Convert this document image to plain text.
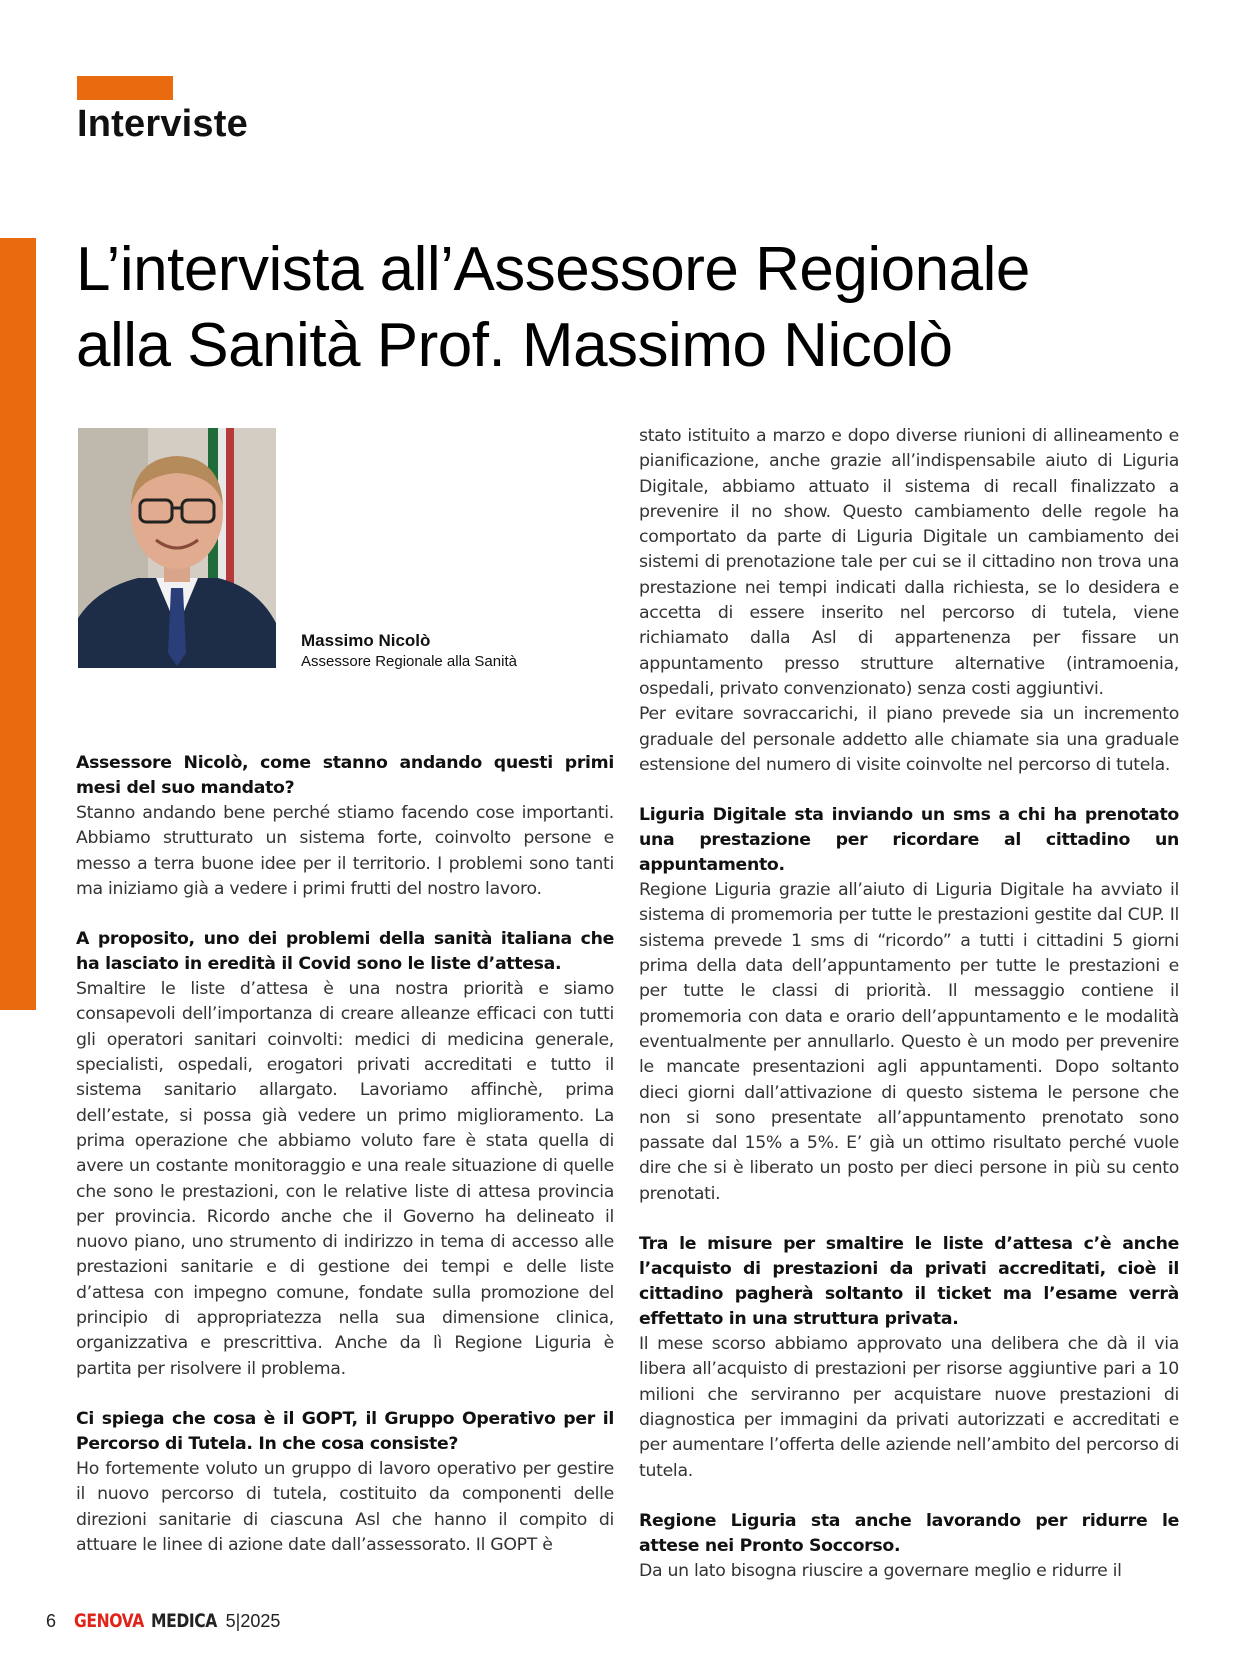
Interviste
L’intervista all’Assessore Regionale
alla Sanità Prof. Massimo Nicolò
Massimo Nicolò
Assessore Regionale alla Sanità

Assessore Nicolò, come stanno andando questi primi mesi del suo mandato?

Stanno andando bene perché stiamo facendo cose importanti. Abbiamo strutturato un sistema forte, coinvolto persone e messo a terra buone idee per il territorio. I problemi sono tanti ma iniziamo già a vedere i primi frutti del nostro lavoro.

A proposito, uno dei problemi della sanità italiana che ha lasciato in eredità il Covid sono le liste d’attesa.

Smaltire le liste d’attesa è una nostra priorità e siamo consapevoli dell’importanza di creare alleanze efficaci con tutti gli operatori sanitari coinvolti: medici di medicina generale, specialisti, ospedali, erogatori privati accreditati e tutto il sistema sanitario allargato. Lavoriamo affinchè, prima dell’estate, si possa già vedere un primo miglioramento. La prima operazione che abbiamo voluto fare è stata quella di avere un costante monitoraggio e una reale situazione di quelle che sono le prestazioni, con le relative liste di attesa provincia per provincia. Ricordo anche che il Governo ha delineato il nuovo piano, uno strumento di indirizzo in tema di accesso alle prestazioni sanitarie e di gestione dei tempi e delle liste d’attesa con impegno comune, fondate sulla promozione del principio di appropriatezza nella sua dimensione clinica, organizzativa e prescrittiva. Anche da lì Regione Liguria è partita per risolvere il problema.

Ci spiega che cosa è il GOPT, il Gruppo Operativo per il Percorso di Tutela. In che cosa consiste?

Ho fortemente voluto un gruppo di lavoro operativo per gestire il nuovo percorso di tutela, costituito da componenti delle direzioni sanitarie di ciascuna Asl che hanno il compito di attuare le linee di azione date dall’assessorato. Il GOPT è

stato istituito a marzo e dopo diverse riunioni di allineamento e pianificazione, anche grazie all’indispensabile aiuto di Liguria Digitale, abbiamo attuato il sistema di recall finalizzato a prevenire il no show. Questo cambiamento delle regole ha comportato da parte di Liguria Digitale un cambiamento dei sistemi di prenotazione tale per cui se il cittadino non trova una prestazione nei tempi indicati dalla richiesta, se lo desidera e accetta di essere inserito nel percorso di tutela, viene richiamato dalla Asl di appartenenza per fissare un appuntamento presso strutture alternative (intramoenia, ospedali, privato convenzionato) senza costi aggiuntivi.

Per evitare sovraccarichi, il piano prevede sia un incremento graduale del personale addetto alle chiamate sia una graduale estensione del numero di visite coinvolte nel percorso di tutela.

Liguria Digitale sta inviando un sms a chi ha prenotato una prestazione per ricordare al cittadino un appuntamento.

Regione Liguria grazie all’aiuto di Liguria Digitale ha avviato il sistema di promemoria per tutte le prestazioni gestite dal CUP. Il sistema prevede 1 sms di “ricordo” a tutti i cittadini 5 giorni prima della data dell’appuntamento per tutte le prestazioni e per tutte le classi di priorità. Il messaggio contiene il promemoria con data e orario dell’appuntamento e le modalità eventualmente per annullarlo. Questo è un modo per prevenire le mancate presentazioni agli appuntamenti. Dopo soltanto dieci giorni dall’attivazione di questo sistema le persone che non si sono presentate all’appuntamento prenotato sono passate dal 15% a 5%. E’ già un ottimo risultato perché vuole dire che si è liberato un posto per dieci persone in più su cento prenotati.

Tra le misure per smaltire le liste d’attesa c’è anche l’acquisto di prestazioni da privati accreditati, cioè il cittadino pagherà soltanto il ticket ma l’esame verrà effettato in una struttura privata.

Il mese scorso abbiamo approvato una delibera che dà il via libera all’acquisto di prestazioni per risorse aggiuntive pari a 10 milioni che serviranno per acquistare nuove prestazioni di diagnostica per immagini da privati autorizzati e accreditati e per aumentare l’offerta delle aziende nell’ambito del percorso di tutela.

Regione Liguria sta anche lavorando per ridurre le attese nei Pronto Soccorso.

Da un lato bisogna riuscire a governare meglio e ridurre il

6 GENOVA MEDICA 5|2025
